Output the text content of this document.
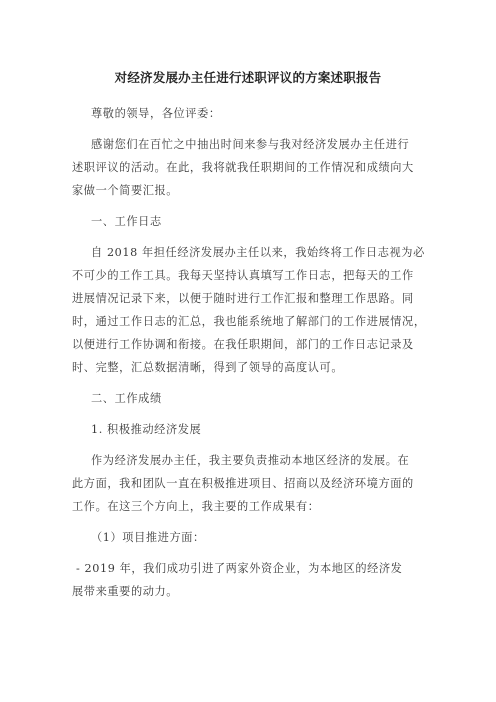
对经济发展办主任进行述职评议的方案述职报告
尊敬的领导，各位评委：
感谢您们在百忙之中抽出时间来参与我对经济发展办主任进行
述职评议的活动。在此，我将就我任职期间的工作情况和成绩向大
家做一个简要汇报。
一、工作日志
自 2018 年担任经济发展办主任以来，我始终将工作日志视为必
不可少的工作工具。我每天坚持认真填写工作日志，把每天的工作
进展情况记录下来，以便于随时进行工作汇报和整理工作思路。同
时，通过工作日志的汇总，我也能系统地了解部门的工作进展情况，
以便进行工作协调和衔接。在我任职期间，部门的工作日志记录及
时、完整，汇总数据清晰，得到了领导的高度认可。
二、工作成绩
1. 积极推动经济发展
作为经济发展办主任，我主要负责推动本地区经济的发展。在
此方面，我和团队一直在积极推进项目、招商以及经济环境方面的
工作。在这三个方向上，我主要的工作成果有：
（1）项目推进方面：
- 2019 年，我们成功引进了两家外资企业，为本地区的经济发
展带来重要的动力。
